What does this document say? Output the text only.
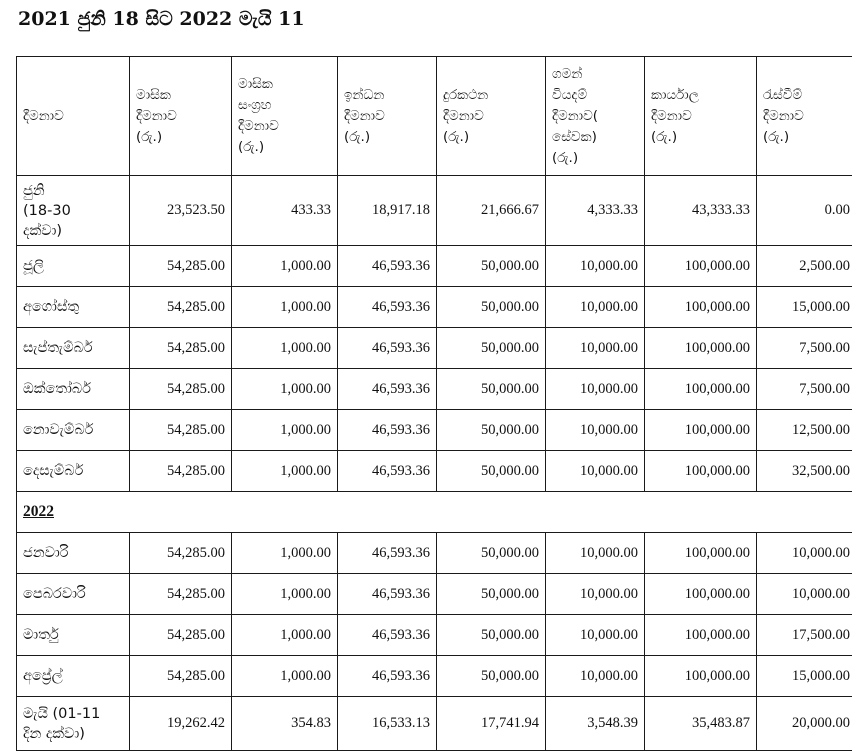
2021 ජුනි 18 සිට 2022 මැයි 11
දීමනාව	මාසික
දීමනාව
(රු.)	මාසික
සංග්‍රහ
දීමනාව
(රු.)	ඉන්ධන
දීමනාව
(රු.)	දුරකථන
දීමනාව
(රු.)	ගමන්
වියදම්
දීමනාව(
සේවක)
(රු.)	කාර්යාල
දීමනාව
(රු.)	රැස්වීම්
දීමනාව
(රු.)

ජුනි
(18-30
දක්වා)	23,523.50	433.33	18,917.18	21,666.67	4,333.33	43,333.33	0.00

ජූලි	54,285.00	1,000.00	46,593.36	50,000.00	10,000.00	100,000.00	2,500.00

අගෝස්තු	54,285.00	1,000.00	46,593.36	50,000.00	10,000.00	100,000.00	15,000.00

සැප්තැම්බර්	54,285.00	1,000.00	46,593.36	50,000.00	10,000.00	100,000.00	7,500.00

ඔක්තෝබර්	54,285.00	1,000.00	46,593.36	50,000.00	10,000.00	100,000.00	7,500.00

නොවැම්බර්	54,285.00	1,000.00	46,593.36	50,000.00	10,000.00	100,000.00	12,500.00

දෙසැම්බර්	54,285.00	1,000.00	46,593.36	50,000.00	10,000.00	100,000.00	32,500.00
2022							

ජනවාරි	54,285.00	1,000.00	46,593.36	50,000.00	10,000.00	100,000.00	10,000.00

පෙබරවාරි	54,285.00	1,000.00	46,593.36	50,000.00	10,000.00	100,000.00	10,000.00

මාර්තු	54,285.00	1,000.00	46,593.36	50,000.00	10,000.00	100,000.00	17,500.00

අප්‍රේල්	54,285.00	1,000.00	46,593.36	50,000.00	10,000.00	100,000.00	15,000.00

මැයි (01-11
දින දක්වා)	19,262.42	354.83	16,533.13	17,741.94	3,548.39	35,483.87	20,000.00
